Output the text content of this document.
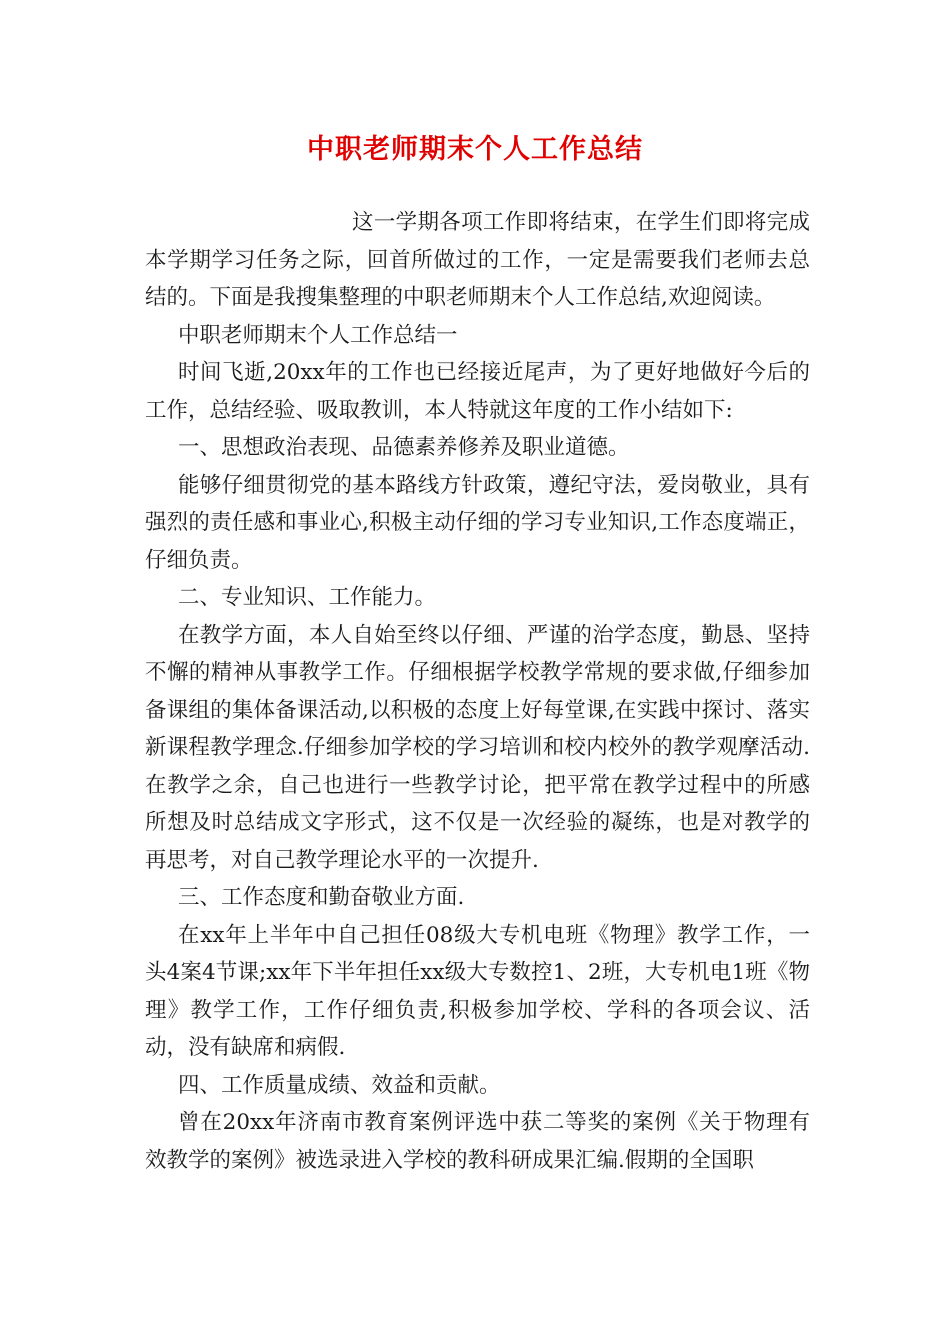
中职老师期末个人工作总结

这一学期各项工作即将结束，在学生们即将完成本学期学习任务之际，回首所做过的工作，一定是需要我们老师去总结的。下面是我搜集整理的中职老师期末个人工作总结,欢迎阅读。

中职老师期末个人工作总结一

时间飞逝,20xx年的工作也已经接近尾声，为了更好地做好今后的工作，总结经验、吸取教训，本人特就这年度的工作小结如下:

一、思想政治表现、品德素养修养及职业道德。

能够仔细贯彻党的基本路线方针政策，遵纪守法，爱岗敬业，具有强烈的责任感和事业心,积极主动仔细的学习专业知识,工作态度端正，仔细负责。

二、专业知识、工作能力。

在教学方面，本人自始至终以仔细、严谨的治学态度，勤恳、坚持不懈的精神从事教学工作。仔细根据学校教学常规的要求做,仔细参加备课组的集体备课活动,以积极的态度上好每堂课,在实践中探讨、落实新课程教学理念.仔细参加学校的学习培训和校内校外的教学观摩活动.在教学之余，自己也进行一些教学讨论，把平常在教学过程中的所感所想及时总结成文字形式，这不仅是一次经验的凝练，也是对教学的再思考，对自己教学理论水平的一次提升.

三、工作态度和勤奋敬业方面.

在xx年上半年中自己担任08级大专机电班《物理》教学工作，一头4案4节课;xx年下半年担任xx级大专数控1、2班，大专机电1班《物理》教学工作，工作仔细负责,积极参加学校、学科的各项会议、活动，没有缺席和病假.

四、工作质量成绩、效益和贡献。

曾在20xx年济南市教育案例评选中获二等奖的案例《关于物理有效教学的案例》被选录进入学校的教科研成果汇编.假期的全国职
